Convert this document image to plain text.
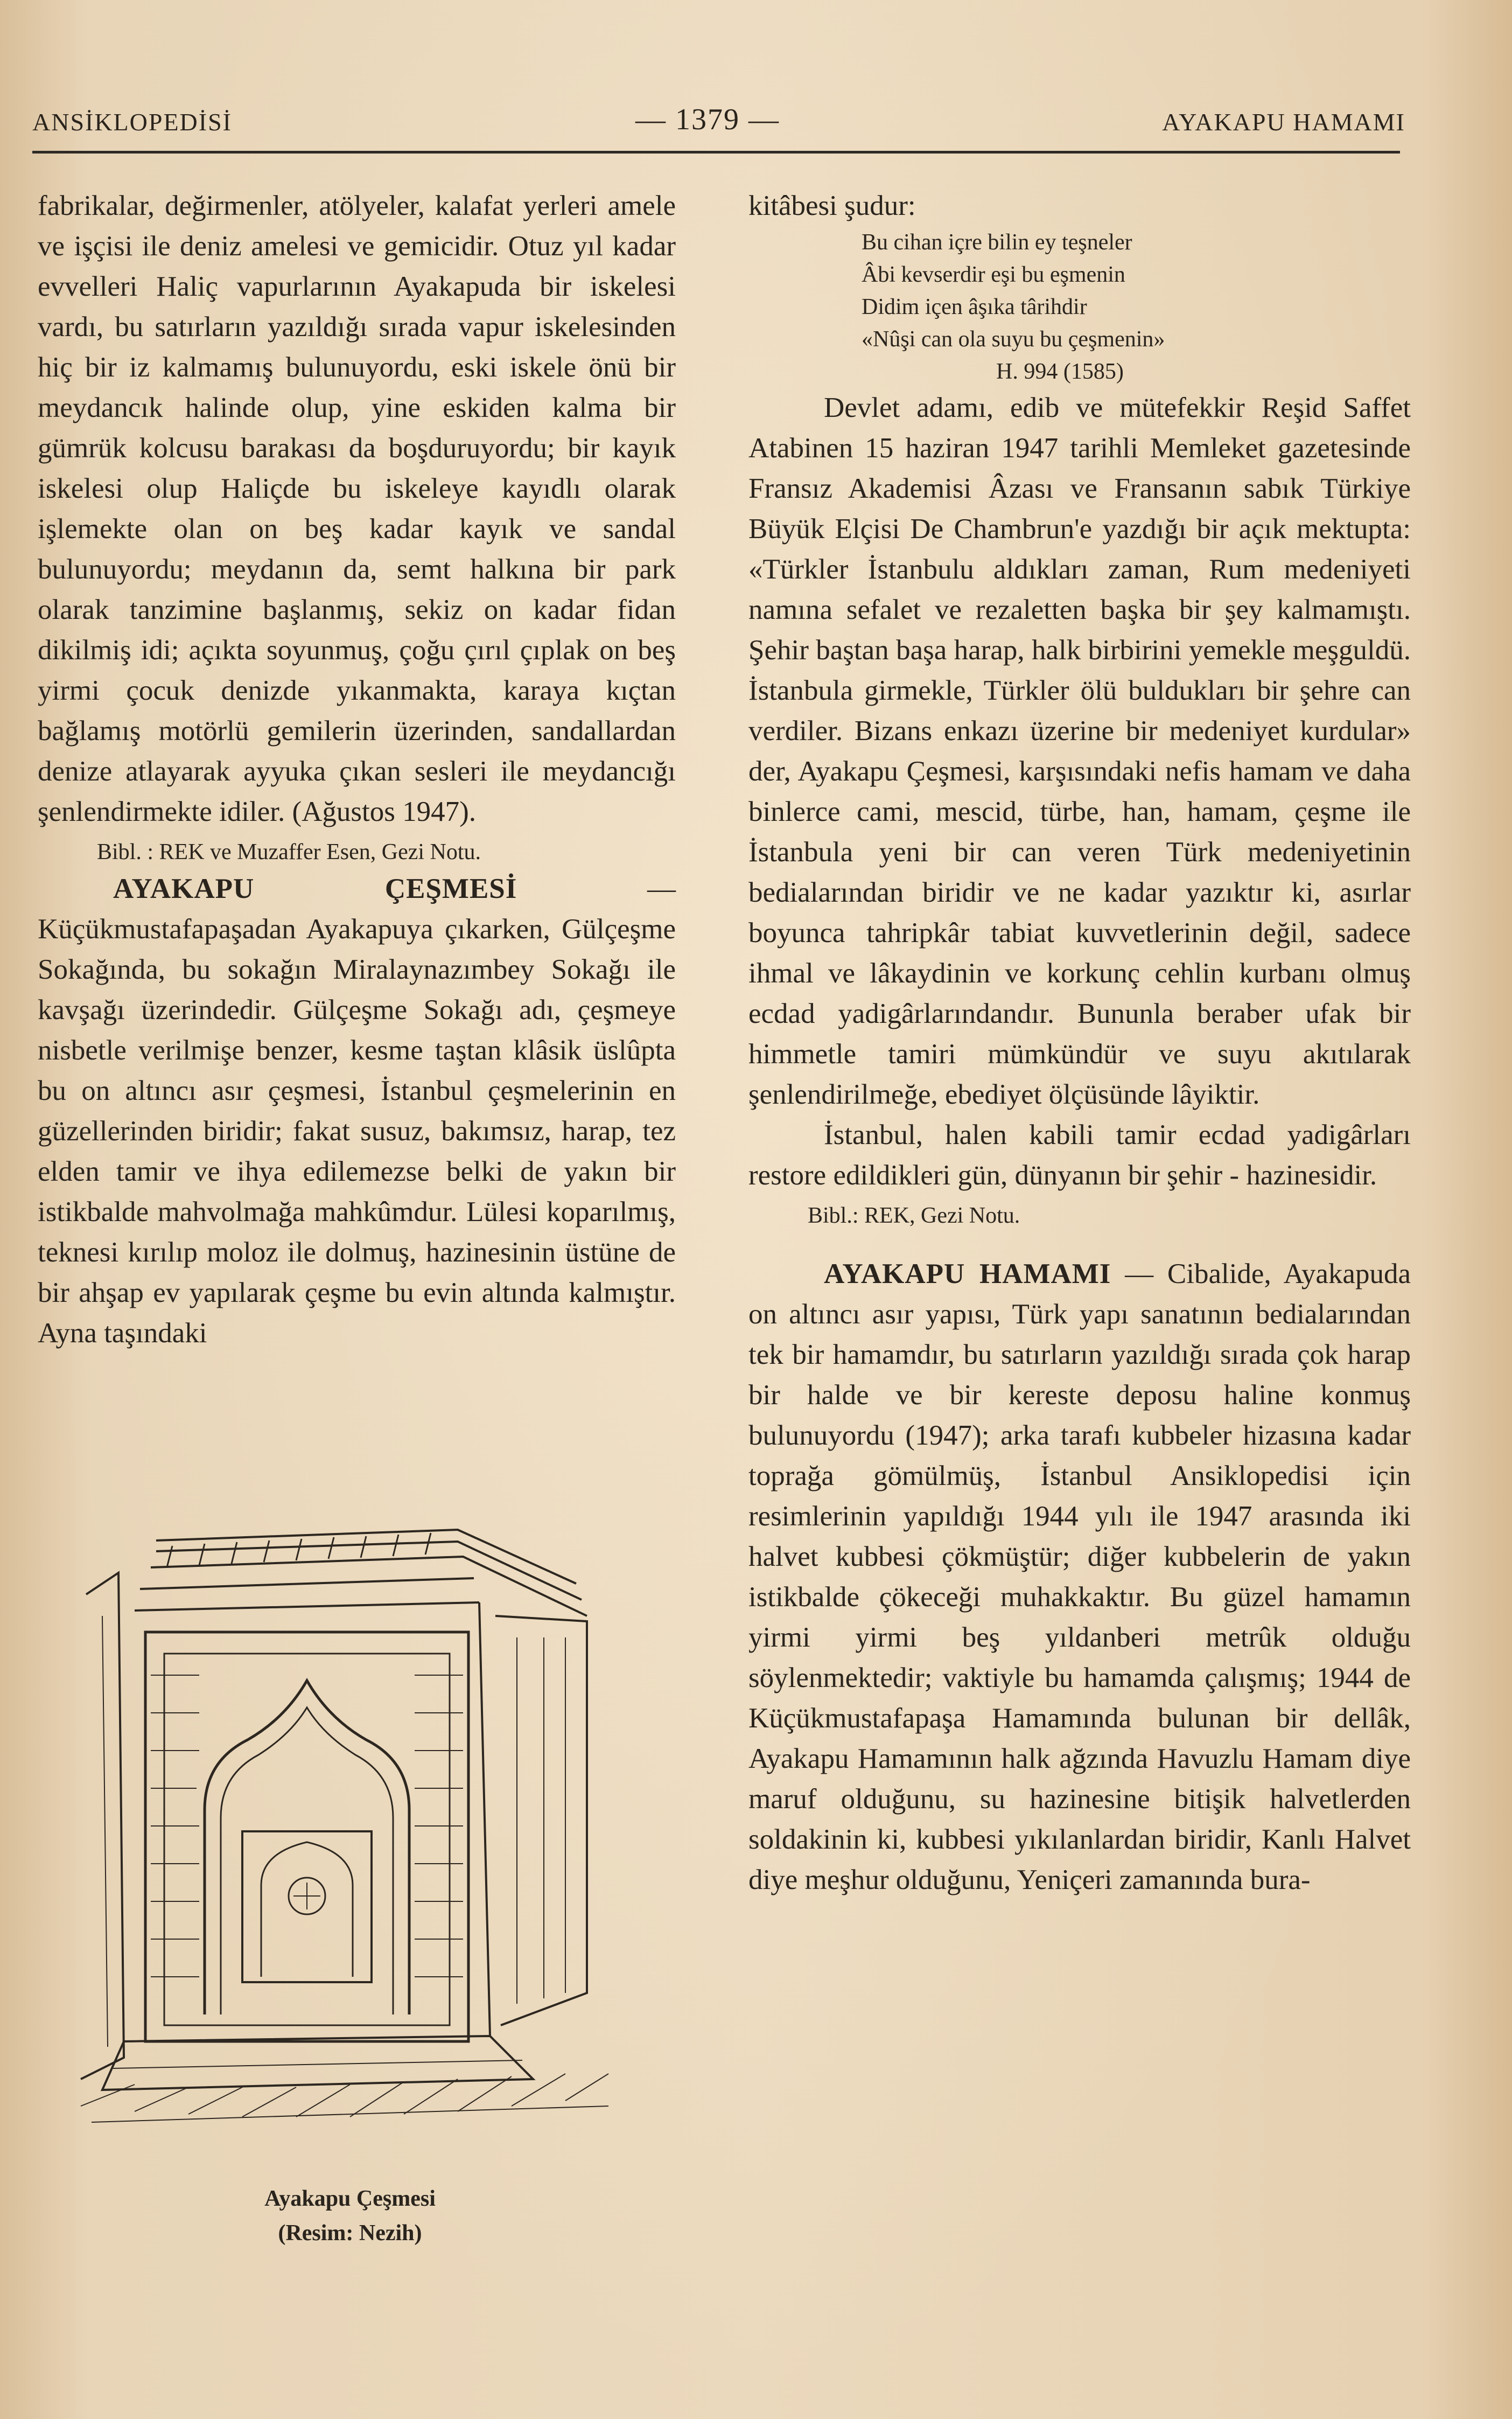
ANSİKLOPEDİSİ	— 1379 —	AYAKAPU HAMAMI

fabrikalar, değirmenler, atölyeler, kalafat yerleri amele ve işçisi ile deniz amelesi ve gemicidir. Otuz yıl kadar evvelleri Haliç vapurlarının Ayakapuda bir iskelesi vardı, bu satırların yazıldığı sırada vapur iskelesinden hiç bir iz kalmamış bulunuyordu, eski iskele önü bir meydancık halinde olup, yine eskiden kalma bir gümrük kolcusu barakası da boşduruyordu; bir kayık iskelesi olup Haliçde bu iskeleye kayıdlı olarak işlemekte olan on beş kadar kayık ve sandal bulunuyordu; meydanın da, semt halkına bir park olarak tanzimine başlanmış, sekiz on kadar fidan dikilmiş idi; açıkta soyunmuş, çoğu çırıl çıplak on beş yirmi çocuk denizde yıkanmakta, karaya kıçtan bağlamış motörlü gemilerin üzerinden, sandallardan denize atlayarak ayyuka çıkan sesleri ile meydancığı şenlendirmekte idiler. (Ağustos 1947).

Bibl. : REK ve Muzaffer Esen, Gezi Notu.

AYAKAPU ÇEŞMESİ — Küçükmustafapaşadan Ayakapuya çıkarken, Gülçeşme Sokağında, bu sokağın Miralaynazımbey Sokağı ile kavşağı üzerindedir. Gülçeşme Sokağı adı, çeşmeye nisbetle verilmişe benzer, kesme taştan klâsik üslûpta bu on altıncı asır çeşmesi, İstanbul çeşmelerinin en güzellerinden biridir; fakat susuz, bakımsız, harap, tez elden tamir ve ihya edilemezse belki de yakın bir istikbalde mahvolmağa mahkûmdur. Lülesi koparılmış, teknesi kırılıp moloz ile dolmuş, hazinesinin üstüne de bir ahşap ev yapılarak çeşme bu evin altında kalmıştır. Ayna taşındaki

Ayakapu Çeşmesi
(Resim: Nezih)

kitâbesi şudur:

Bu cihan içre bilin ey teşneler
Âbi kevserdir eşi bu eşmenin
Didim içen âşıka târihdir
«Nûşi can ola suyu bu çeşmenin»
H. 994 (1585)

Devlet adamı, edib ve mütefekkir Reşid Saffet Atabinen 15 haziran 1947 tarihli Memleket gazetesinde Fransız Akademisi Âzası ve Fransanın sabık Türkiye Büyük Elçisi De Chambrun'e yazdığı bir açık mektupta: «Türkler İstanbulu aldıkları zaman, Rum medeniyeti namına sefalet ve rezaletten başka bir şey kalmamıştı. Şehir baştan başa harap, halk birbirini yemekle meşguldü. İstanbula girmekle, Türkler ölü buldukları bir şehre can verdiler. Bizans enkazı üzerine bir medeniyet kurdular» der, Ayakapu Çeşmesi, karşısındaki nefis hamam ve daha binlerce cami, mescid, türbe, han, hamam, çeşme ile İstanbula yeni bir can veren Türk medeniyetinin bedialarından biridir ve ne kadar yazıktır ki, asırlar boyunca tahripkâr tabiat kuvvetlerinin değil, sadece ihmal ve lâkaydinin ve korkunç cehlin kurbanı olmuş ecdad yadigârlarındandır. Bununla beraber ufak bir himmetle tamiri mümkündür ve suyu akıtılarak şenlendirilmeğe, ebediyet ölçüsünde lâyiktir.

İstanbul, halen kabili tamir ecdad yadigârları restore edildikleri gün, dünyanın bir şehir - hazinesidir.

Bibl.: REK, Gezi Notu.

AYAKAPU HAMAMI — Cibalide, Ayakapuda on altıncı asır yapısı, Türk yapı sanatının bedialarından tek bir hamamdır, bu satırların yazıldığı sırada çok harap bir halde ve bir kereste deposu haline konmuş bulunuyordu (1947); arka tarafı kubbeler hizasına kadar toprağa gömülmüş, İstanbul Ansiklopedisi için resimlerinin yapıldığı 1944 yılı ile 1947 arasında iki halvet kubbesi çökmüştür; diğer kubbelerin de yakın istikbalde çökeceği muhakkaktır. Bu güzel hamamın yirmi yirmi beş yıldanberi metrûk olduğu söylenmektedir; vaktiyle bu hamamda çalışmış; 1944 de Küçükmustafapaşa Hamamında bulunan bir dellâk, Ayakapu Hamamının halk ağzında Havuzlu Hamam diye maruf olduğunu, su hazinesine bitişik halvetlerden soldakinin ki, kubbesi yıkılanlardan biridir, Kanlı Halvet diye meşhur olduğunu, Yeniçeri zamanında bura-
